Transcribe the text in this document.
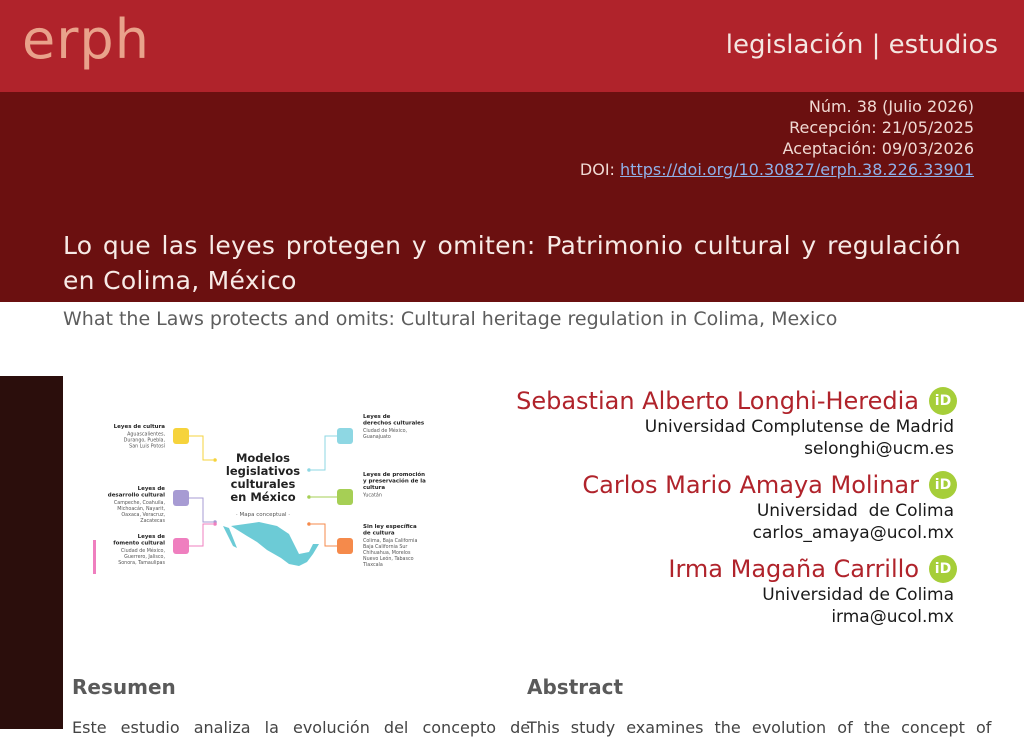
erph	legislación | estudios
Núm. 38 (Julio 2026)
Recepción: 21/05/2025
Aceptación: 09/03/2026
DOI: https://doi.org/10.30827/erph.38.226.33901
Lo que las leyes protegen y omiten: Patrimonio cultural y regulación en Colima, México
What the Laws protects and omits: Cultural heritage regulation in Colima, Mexico
Modelos legislativos culturales en México
· Mapa conceptual ·
Leyes de cultura
Aguascalientes, Durango, Puebla, San Luis Potosí
Leyes de desarrollo cultural
Campeche, Coahuila, Michoacán, Nayarit, Oaxaca, Veracruz, Zacatecas
Leyes de fomento cultural
Ciudad de México, Guerrero, Jalisco, Sonora, Tamaulipas
Leyes de derechos culturales
Ciudad de México, Guanajuato
Leyes de promoción y preservación de la cultura
Yucatán
Sin ley específica de cultura
Colima, Baja California Baja California Sur Chihuahua, Morelos Nuevo León, Tabasco Tlaxcala
Sebastian Alberto Longhi-Heredia iD
Universidad Complutense de Madrid
selonghi@ucm.es
Carlos Mario Amaya Molinar iD
Universidad  de Colima
carlos_amaya@ucol.mx
Irma Magaña Carrillo iD
Universidad de Colima
irma@ucol.mx
Resumen	Abstract
Este estudio analiza la evolución del concepto de
This study examines the evolution of the concept of
